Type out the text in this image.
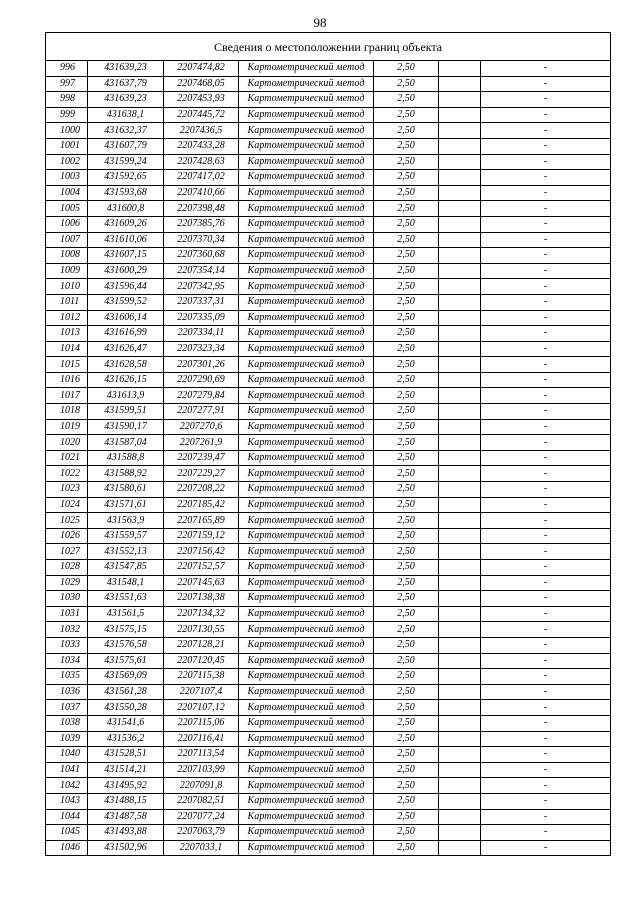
98
Сведения о местоположении границ объекта						
996	431639,23	2207474,82	Картометрический метод	2,50		-
997	431637,79	2207468,05	Картометрический метод	2,50		-
998	431639,23	2207453,93	Картометрический метод	2,50		-
999	431638,1	2207445,72	Картометрический метод	2,50		-
1000	431632,37	2207436,5	Картометрический метод	2,50		-
1001	431607,79	2207433,28	Картометрический метод	2,50		-
1002	431599,24	2207428,63	Картометрический метод	2,50		-
1003	431592,65	2207417,02	Картометрический метод	2,50		-
1004	431593,68	2207410,66	Картометрический метод	2,50		-
1005	431600,8	2207398,48	Картометрический метод	2,50		-
1006	431609,26	2207385,76	Картометрический метод	2,50		-
1007	431610,06	2207370,34	Картометрический метод	2,50		-
1008	431607,15	2207360,68	Картометрический метод	2,50		-
1009	431600,29	2207354,14	Картометрический метод	2,50		-
1010	431596,44	2207342,95	Картометрический метод	2,50		-
1011	431599,52	2207337,31	Картометрический метод	2,50		-
1012	431606,14	2207335,09	Картометрический метод	2,50		-
1013	431616,99	2207334,11	Картометрический метод	2,50		-
1014	431626,47	2207323,34	Картометрический метод	2,50		-
1015	431628,58	2207301,26	Картометрический метод	2,50		-
1016	431626,15	2207290,69	Картометрический метод	2,50		-
1017	431613,9	2207279,84	Картометрический метод	2,50		-
1018	431599,51	2207277,91	Картометрический метод	2,50		-
1019	431590,17	2207270,6	Картометрический метод	2,50		-
1020	431587,04	2207261,9	Картометрический метод	2,50		-
1021	431588,8	2207239,47	Картометрический метод	2,50		-
1022	431588,92	2207229,27	Картометрический метод	2,50		-
1023	431580,61	2207208,22	Картометрический метод	2,50		-
1024	431571,61	2207185,42	Картометрический метод	2,50		-
1025	431563,9	2207165,89	Картометрический метод	2,50		-
1026	431559,57	2207159,12	Картометрический метод	2,50		-
1027	431552,13	2207156,42	Картометрический метод	2,50		-
1028	431547,85	2207152,57	Картометрический метод	2,50		-
1029	431548,1	2207145,63	Картометрический метод	2,50		-
1030	431551,63	2207138,38	Картометрический метод	2,50		-
1031	431561,5	2207134,32	Картометрический метод	2,50		-
1032	431575,15	2207130,55	Картометрический метод	2,50		-
1033	431576,58	2207128,21	Картометрический метод	2,50		-
1034	431575,61	2207120,45	Картометрический метод	2,50		-
1035	431569,09	2207115,38	Картометрический метод	2,50		-
1036	431561,28	2207107,4	Картометрический метод	2,50		-
1037	431550,28	2207107,12	Картометрический метод	2,50		-
1038	431541,6	2207115,06	Картометрический метод	2,50		-
1039	431536,2	2207116,41	Картометрический метод	2,50		-
1040	431528,51	2207113,54	Картометрический метод	2,50		-
1041	431514,21	2207103,99	Картометрический метод	2,50		-
1042	431495,92	2207091,8	Картометрический метод	2,50		-
1043	431488,15	2207082,51	Картометрический метод	2,50		-
1044	431487,58	2207077,24	Картометрический метод	2,50		-
1045	431493,88	2207063,79	Картометрический метод	2,50		-
1046	431502,96	2207033,1	Картометрический метод	2,50		-
